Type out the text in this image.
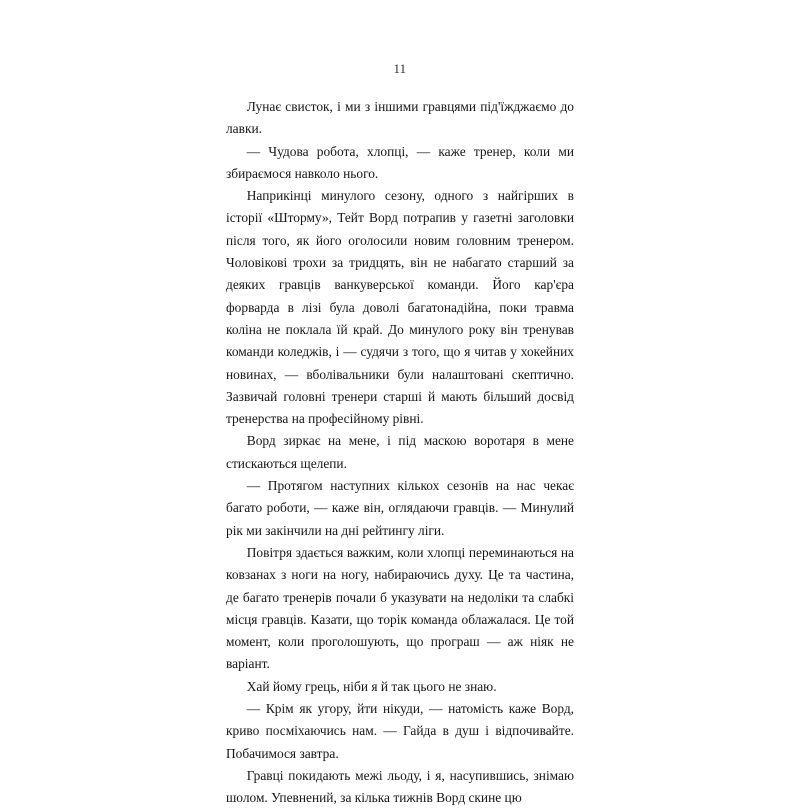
11

Лунає свисток, і ми з іншими гравцями під'їжджаємо до лавки.

— Чудова робота, хлопці, — каже тренер, коли ми збираємося навколо нього.

Наприкінці минулого сезону, одного з найгірших в історії «Шторму», Тейт Ворд потрапив у газетні заголовки після того, як його оголосили новим головним тренером. Чоловікові трохи за тридцять, він не набагато старший за деяких гравців ванкуверської команди. Його кар'єра форварда в лізі була доволі багатонадійна, поки травма коліна не поклала їй край. До минулого року він тренував команди коледжів, і — судячи з того, що я читав у хокейних новинах, — вболівальники були налаштовані скептично. Зазвичай головні тренери старші й мають більший досвід тренерства на професійному рівні.

Ворд зиркає на мене, і під маскою воротаря в мене стискаються щелепи.

— Протягом наступних кількох сезонів на нас чекає багато роботи, — каже він, оглядаючи гравців. — Минулий рік ми закінчили на дні рейтингу ліги.

Повітря здається важким, коли хлопці переминаються на ковзанах з ноги на ногу, набираючись духу. Це та частина, де багато тренерів почали б указувати на недоліки та слабкі місця гравців. Казати, що торік команда облажалася. Це той момент, коли проголошують, що програш — аж ніяк не варіант.

Хай йому грець, ніби я й так цього не знаю.

— Крім як угору, йти нікуди, — натомість каже Ворд, криво посміхаючись нам. — Гайда в душ і відпочивайте. Побачимося завтра.

Гравці покидають межі льоду, і я, насупившись, знімаю шолом. Упевнений, за кілька тижнів Ворд скине цю
